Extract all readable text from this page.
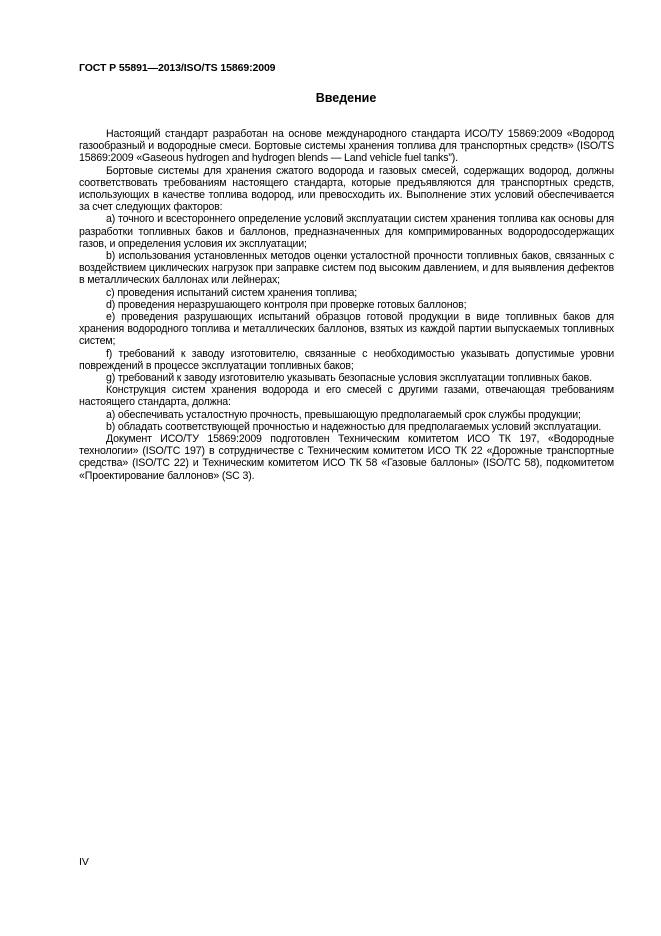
ГОСТ Р 55891—2013/ISO/TS 15869:2009
Введение

Настоящий стандарт разработан на основе международного стандарта ИСО/ТУ 15869:2009 «Водород газообразный и водородные смеси. Бортовые системы хранения топлива для транспортных средств» (ISO/TS 15869:2009 «Gaseous hydrogen and hydrogen blends — Land vehicle fuel tanks”).

Бортовые системы для хранения сжатого водорода и газовых смесей, содержащих водород, должны соответствовать требованиям настоящего стандарта, которые предъявляются для транспортных средств, использующих в качестве топлива водород, или превосходить их. Выполнение этих условий обеспечивается за счет следующих факторов:

а) точного и всестороннего определение условий эксплуатации систем хранения топлива как основы для разработки топливных баков и баллонов, предназначенных для компримированных водородосодержащих газов, и определения условия их эксплуатации;

b) использования установленных методов оценки усталостной прочности топливных баков, связанных с воздействием циклических нагрузок при заправке систем под высоким давлением, и для выявления дефектов в металлических баллонах или лейнерах;

с) проведения испытаний систем хранения топлива;

d) проведения неразрушающего контроля при проверке готовых баллонов;

е) проведения разрушающих испытаний образцов готовой продукции в виде топливных баков для хранения водородного топлива и металлических баллонов, взятых из каждой партии выпускаемых топливных систем;

f) требований к заводу изготовителю, связанные с необходимостью указывать допустимые уровни повреждений в процессе эксплуатации топливных баков;

g) требований к заводу изготовителю указывать безопасные условия эксплуатации топливных баков.

Конструкция систем хранения водорода и его смесей с другими газами, отвечающая требованиям настоящего стандарта, должна:

а) обеспечивать усталостную прочность, превышающую предполагаемый срок службы продукции;

b) обладать соответствующей прочностью и надежностью для предполагаемых условий эксплуатации.

Документ ИСО/ТУ 15869:2009 подготовлен Техническим комитетом ИСО ТК 197, «Водородные технологии» (ISO/TC 197) в сотрудничестве с Техническим комитетом ИСО ТК 22 «Дорожные транспортные средства» (ISO/TC 22) и Техническим комитетом ИСО ТК 58 «Газовые баллоны» (ISO/TC 58), подкомитетом «Проектирование баллонов» (SC 3).

IV
